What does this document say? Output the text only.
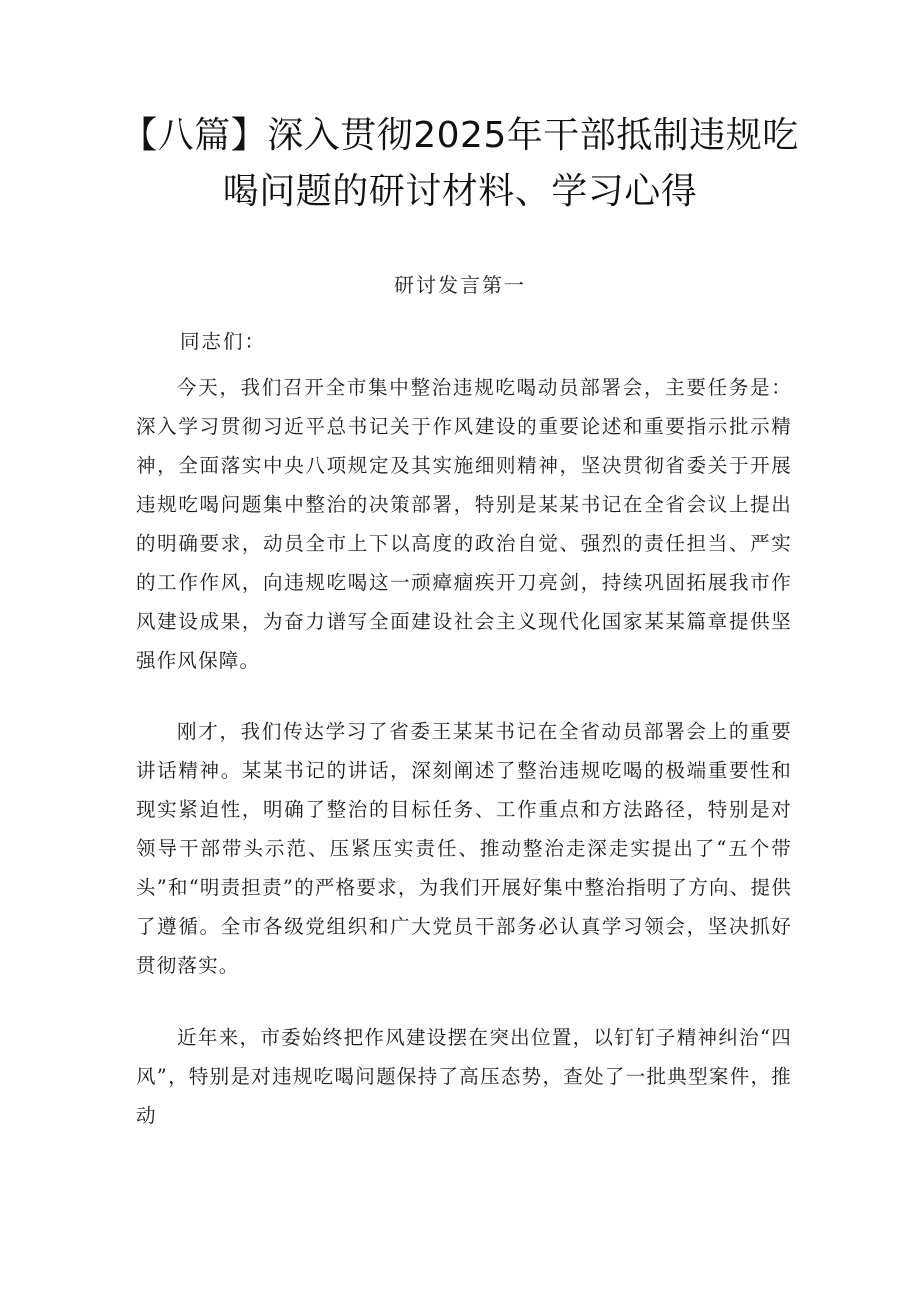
【八篇】深入贯彻2025年干部抵制违规吃
喝问题的研讨材料、学习心得
研讨发言第一

同志们：

今天，我们召开全市集中整治违规吃喝动员部署会，主要任务是：深入学习贯彻习近平总书记关于作风建设的重要论述和重要指示批示精神，全面落实中央八项规定及其实施细则精神，坚决贯彻省委关于开展违规吃喝问题集中整治的决策部署，特别是某某书记在全省会议上提出的明确要求，动员全市上下以高度的政治自觉、强烈的责任担当、严实的工作作风，向违规吃喝这一顽瘴痼疾开刀亮剑，持续巩固拓展我市作风建设成果，为奋力谱写全面建设社会主义现代化国家某某篇章提供坚强作风保障。

刚才，我们传达学习了省委王某某书记在全省动员部署会上的重要讲话精神。某某书记的讲话，深刻阐述了整治违规吃喝的极端重要性和现实紧迫性，明确了整治的目标任务、工作重点和方法路径，特别是对领导干部带头示范、压紧压实责任、推动整治走深走实提出了“五个带头”和“明责担责”的严格要求，为我们开展好集中整治指明了方向、提供了遵循。全市各级党组织和广大党员干部务必认真学习领会，坚决抓好贯彻落实。

近年来，市委始终把作风建设摆在突出位置，以钉钉子精神纠治“四风”，特别是对违规吃喝问题保持了高压态势，查处了一批典型案件，推动
